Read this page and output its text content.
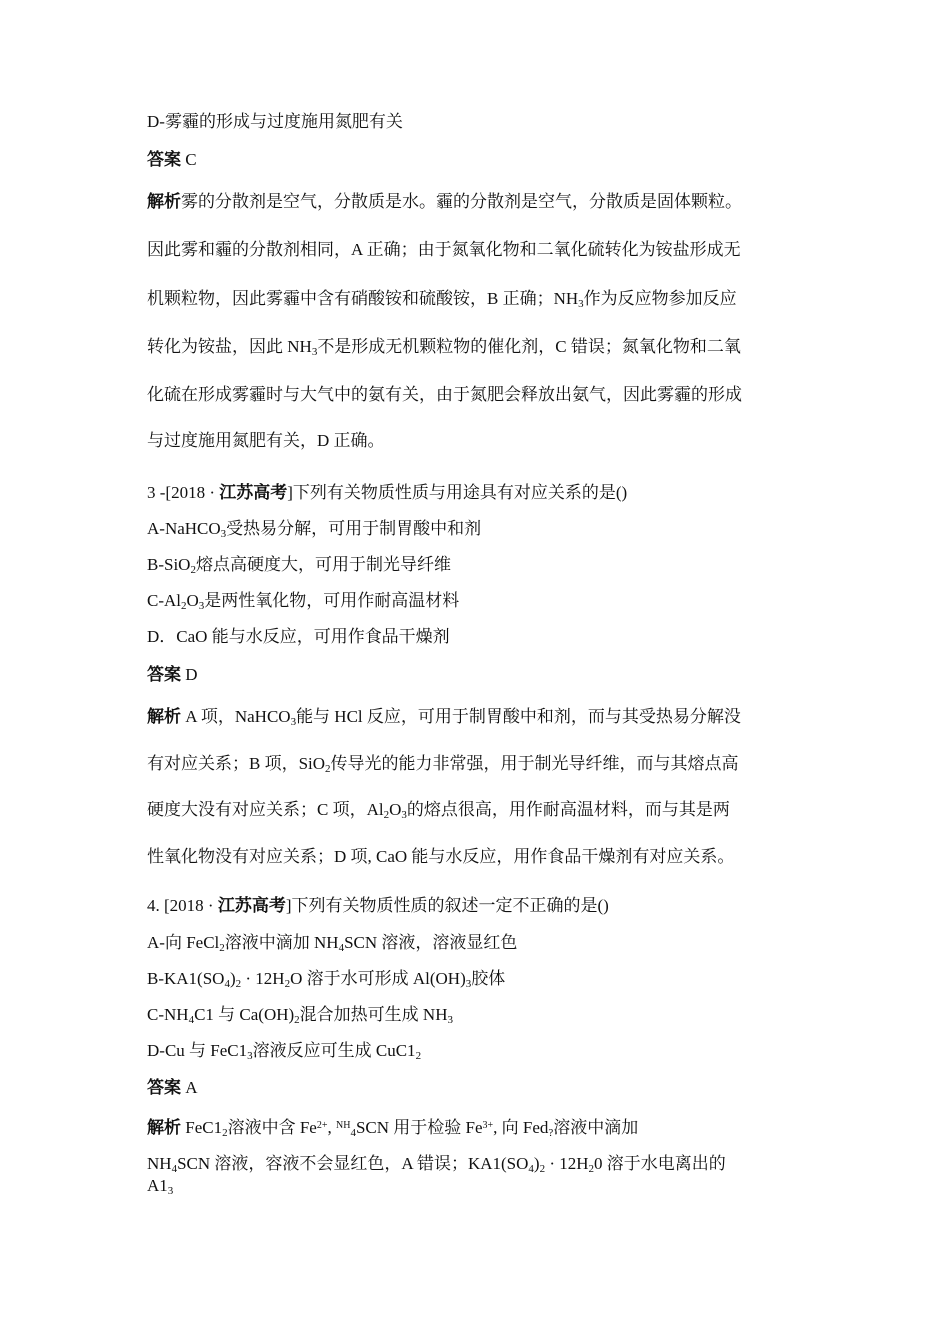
D-雾霾的形成与过度施用氮肥有关
答案 C
解析雾的分散剂是空气，分散质是水。霾的分散剂是空气，分散质是固体颗粒。
因此雾和霾的分散剂相同，A 正确；由于氮氧化物和二氧化硫转化为铵盐形成无
机颗粒物，因此雾霾中含有硝酸铵和硫酸铵，B 正确；$NH_3$作为反应物参加反应
转化为铵盐，因此 $NH_3$不是形成无机颗粒物的催化剂，C 错误；氮氧化物和二氧
化硫在形成雾霾时与大气中的氨有关，由于氮肥会释放出氨气，因此雾霾的形成
与过度施用氮肥有关，D 正确。
3 -[2018 · 江苏高考]下列有关物质性质与用途具有对应关系的是()
A-NaHCO$_3$受热易分解，可用于制胃酸中和剂
B-SiO$_2$熔点高硬度大，可用于制光导纤维
$C-Al_2O_3$是两性氧化物，可用作耐高温材料
D．CaO 能与水反应，可用作食品干燥剂
答案 D
解析 A 项，NaHCO$_3$能与 HCl 反应，可用于制胃酸中和剂，而与其受热易分解没
有对应关系；B 项，SiO$_2$传导光的能力非常强，用于制光导纤维，而与其熔点高
硬度大没有对应关系；C 项，$Al_2O_3$的熔点很高，用作耐高温材料，而与其是两
性氧化物没有对应关系；D 项, CaO 能与水反应，用作食品干燥剂有对应关系。
4. [2018 · 江苏高考]下列有关物质性质的叙述一定不正确的是()
A-向 FeCl$_2$溶液中滴加 $NH_4SCN$ 溶液，溶液显红色
$B-KA1(SO_4)_2 \cdot 12H_2O$ 溶于水可形成 $Al(OH)_3$胶体
$C-NH_4C1$ 与 $Ca(OH)_2$混合加热可生成 $NH_3$
D-Cu 与 $FeC1_3$溶液反应可生成 $CuC1_2$
答案 A
解析 $FeC1_2$溶液中含 $Fe^{2+}$, $^{NH}_4$SCN 用于检验 $Fe^{3+}$, 向 Fed$_?$溶液中滴加
$NH_4SCN$ 溶液，容液不会显红色，A 错误；$KA1(SO_4)_2 \cdot 12H_20$ 溶于水电离出的
$A1_3$
